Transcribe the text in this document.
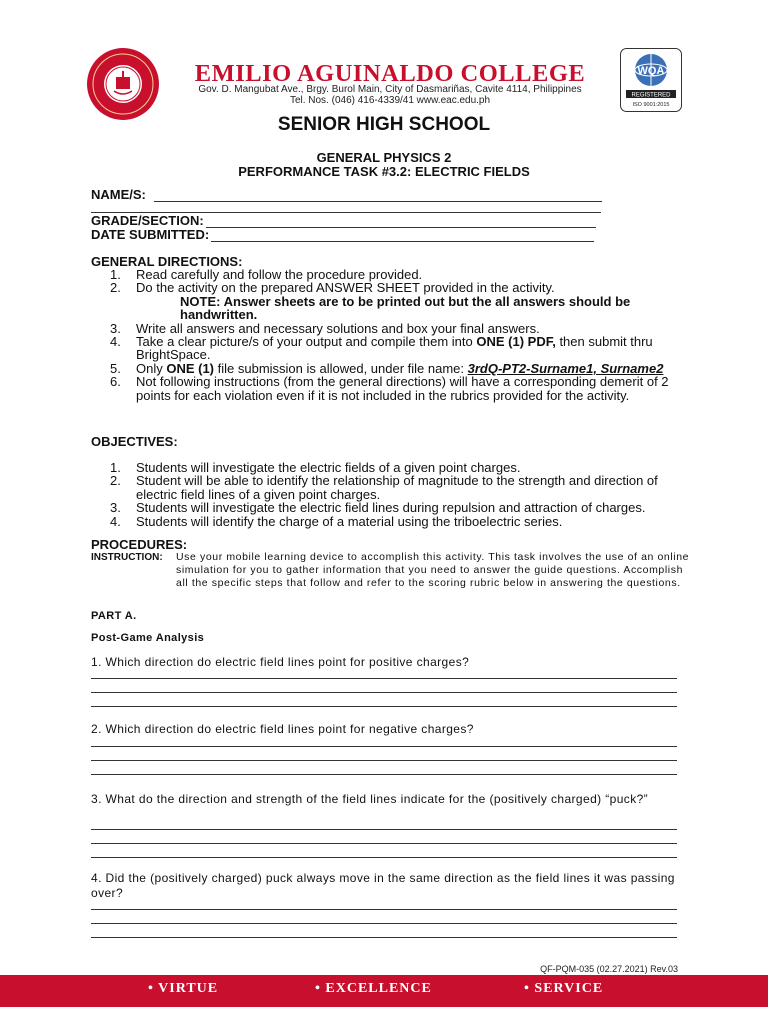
WQA
REGISTERED
ISO 9001:2015
EMILIO AGUINALDO COLLEGE
Gov. D. Mangubat Ave., Brgy. Burol Main, City of Dasmariñas, Cavite 4114, Philippines
Tel. Nos. (046) 416-4339/41 www.eac.edu.ph
SENIOR HIGH SCHOOL
GENERAL PHYSICS 2
PERFORMANCE TASK #3.2: ELECTRIC FIELDS
NAME/S:
GRADE/SECTION:
DATE SUBMITTED:
GENERAL DIRECTIONS:
1.	Read carefully and follow the procedure provided.
2.	Do the activity on the prepared ANSWER SHEET provided in the activity.
NOTE: Answer sheets are to be printed out but the all answers should be handwritten.
3.	Write all answers and necessary solutions and box your final answers.
4.	Take a clear picture/s of your output and compile them into ONE (1) PDF, then submit thru BrightSpace.
5.	Only ONE (1) file submission is allowed, under file name: 3rdQ-PT2-Surname1, Surname2
6.	Not following instructions (from the general directions) will have a corresponding demerit of 2 points for each violation even if it is not included in the rubrics provided for the activity.
OBJECTIVES:
1.	Students will investigate the electric fields of a given point charges.
2.	Student will be able to identify the relationship of magnitude to the strength and direction of electric field lines of a given point charges.
3.	Students will investigate the electric field lines during repulsion and attraction of charges.
4.	Students will identify the charge of a material using the triboelectric series.
PROCEDURES:
INSTRUCTION:	Use your mobile learning device to accomplish this activity. This task involves the use of an online simulation for you to gather information that you need to answer the guide questions. Accomplish all the specific steps that follow and refer to the scoring rubric below in answering the questions.
PART A.
Post-Game Analysis
1. Which direction do electric field lines point for positive charges?
2. Which direction do electric field lines point for negative charges?
3. What do the direction and strength of the field lines indicate for the (positively charged) “puck?”
4. Did the (positively charged) puck always move in the same direction as the field lines it was passing over?
QF-PQM-035 (02.27.2021) Rev.03
• VIRTUE	• EXCELLENCE	• SERVICE
